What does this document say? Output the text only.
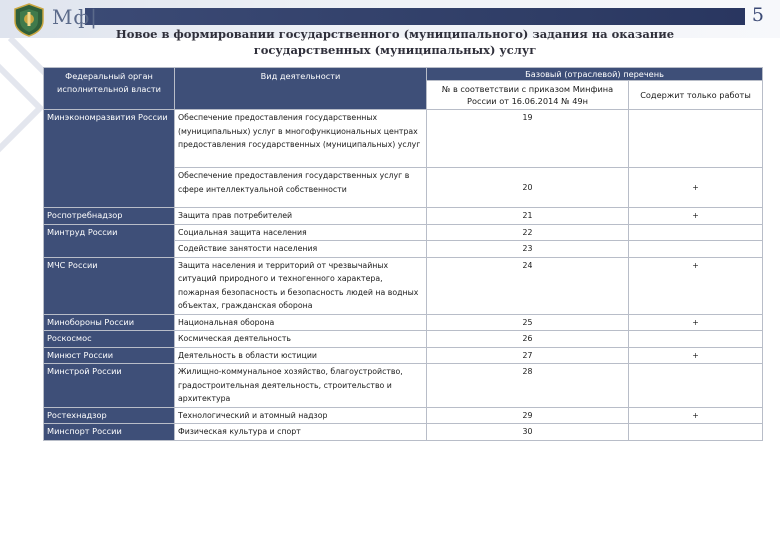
Мф|	5
Новое в формировании государственного (муниципального) задания на оказание государственных (муниципальных) услуг
Федеральный орган исполнительной власти	Вид деятельности	Базовый (отраслевой) перечень	
		№ в соответствии с приказом Минфина России от 16.06.2014 № 49н	Содержит только работы
Минэкономразвития России	Обеспечение предоставления государственных (муниципальных) услуг в многофункциональных центрах предоставления государственных (муниципальных) услуг	19	
	Обеспечение предоставления государственных услуг в сфере интеллектуальной собственности	20	+
Роспотребнадзор	Защита прав потребителей	21	+
Минтруд России	Социальная защита населения	22	
	Содействие занятости населения	23	
МЧС России	Защита населения и территорий от чрезвычайных ситуаций природного и техногенного характера, пожарная безопасность и безопасность людей на водных объектах, гражданская оборона	24	+
Минобороны России	Национальная оборона	25	+
Роскосмос	Космическая деятельность	26	
Минюст России	Деятельность в области юстиции	27	+
Минстрой России	Жилищно-коммунальное хозяйство, благоустройство, градостроительная деятельность, строительство и архитектура	28	
Ростехнадзор	Технологический и атомный надзор	29	+
Минспорт России	Физическая культура и спорт	30	
